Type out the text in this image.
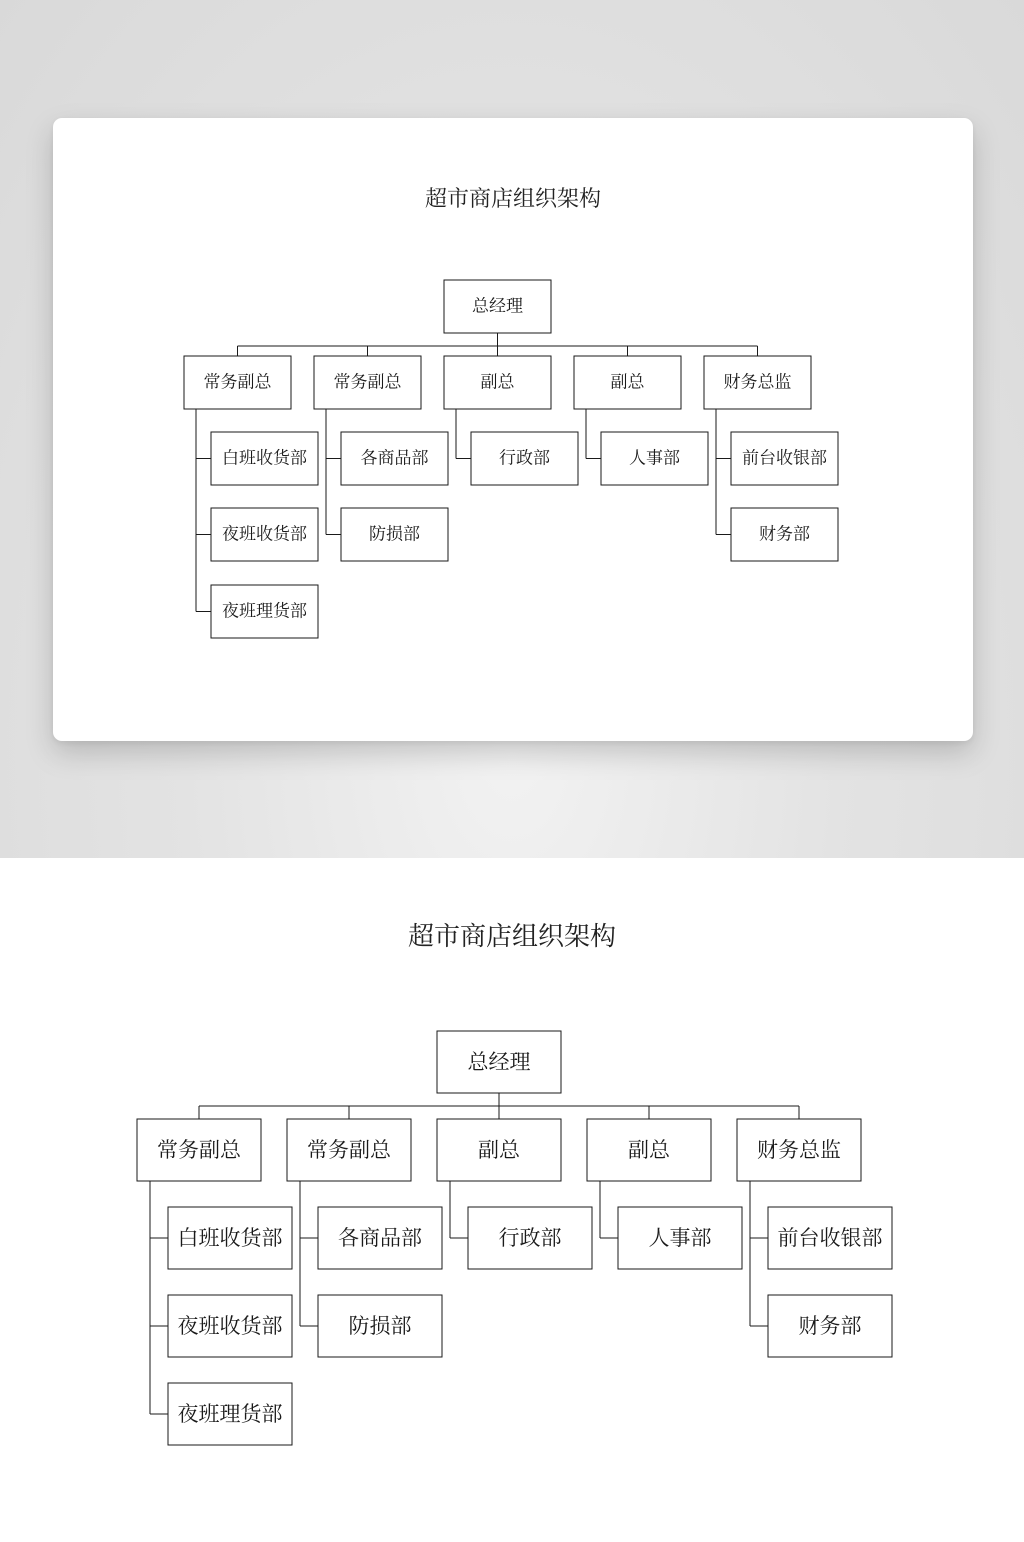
超市商店组织架构
总经理
常务副总
白班收货部
夜班收货部
夜班理货部
常务副总
各商品部
防损部
副总
行政部
副总
人事部
财务总监
前台收银部
财务部
超市商店组织架构
总经理
常务副总
白班收货部
夜班收货部
夜班理货部
常务副总
各商品部
防损部
副总
行政部
副总
人事部
财务总监
前台收银部
财务部
